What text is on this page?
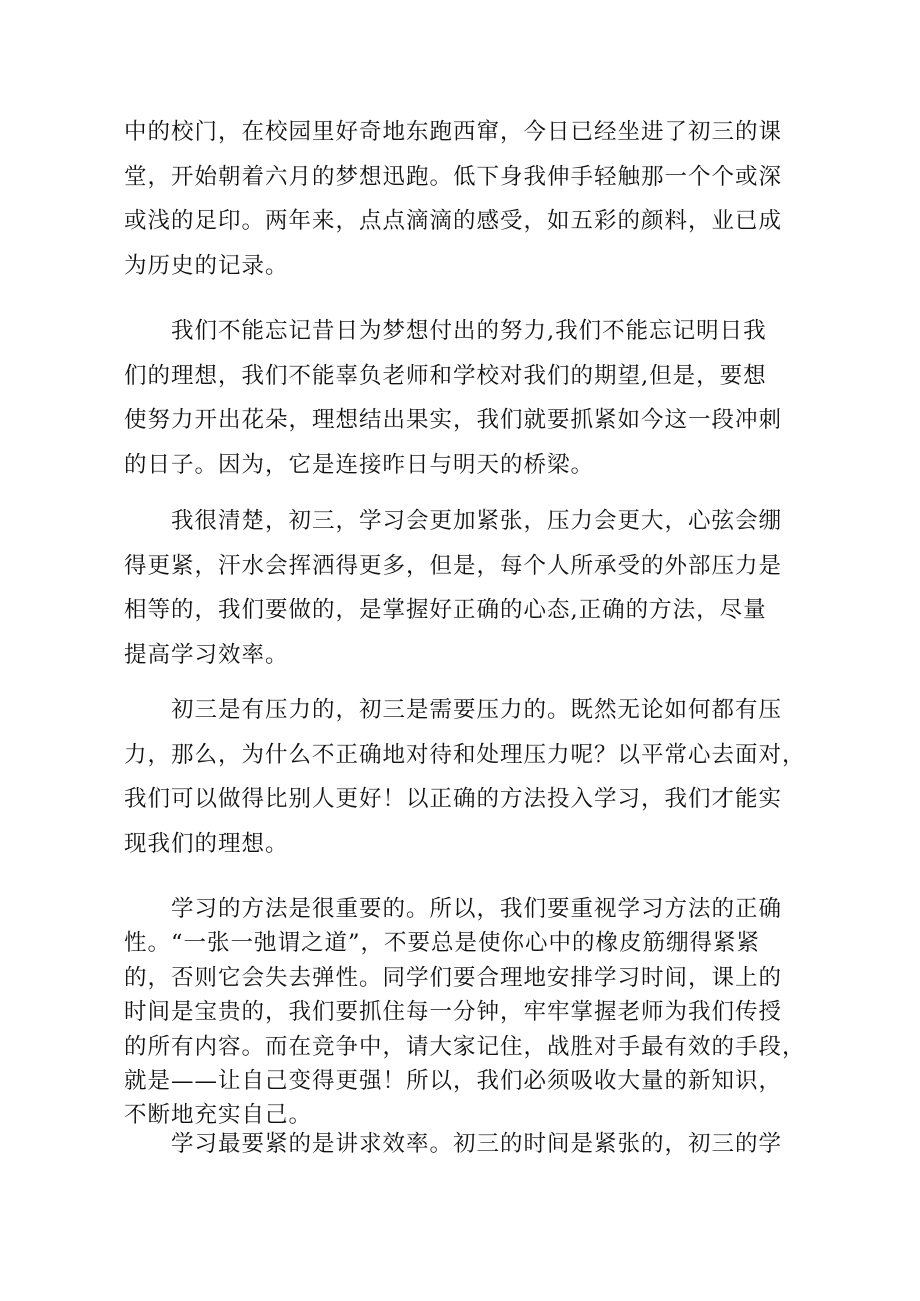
中的校门，在校园里好奇地东跑西窜，今日已经坐进了初三的课
堂，开始朝着六月的梦想迅跑。低下身我伸手轻触那一个个或深
或浅的足印。两年来，点点滴滴的感受，如五彩的颜料，业已成
为历史的记录。

　　我们不能忘记昔日为梦想付出的努力,我们不能忘记明日我
们的理想，我们不能辜负老师和学校对我们的期望,但是，要想
使努力开出花朵，理想结出果实，我们就要抓紧如今这一段冲刺
的日子。因为，它是连接昨日与明天的桥梁。

　　我很清楚，初三，学习会更加紧张，压力会更大，心弦会绷
得更紧，汗水会挥洒得更多，但是，每个人所承受的外部压力是
相等的，我们要做的，是掌握好正确的心态,正确的方法，尽量
提高学习效率。

　　初三是有压力的，初三是需要压力的。既然无论如何都有压
力，那么，为什么不正确地对待和处理压力呢？以平常心去面对，
我们可以做得比别人更好！以正确的方法投入学习，我们才能实
现我们的理想。

　　学习的方法是很重要的。所以，我们要重视学习方法的正确
性。“一张一弛谓之道”，不要总是使你心中的橡皮筋绷得紧紧
的，否则它会失去弹性。同学们要合理地安排学习时间，课上的
时间是宝贵的，我们要抓住每一分钟，牢牢掌握老师为我们传授
的所有内容。而在竞争中，请大家记住，战胜对手最有效的手段，
就是——让自己变得更强！所以，我们必须吸收大量的新知识，
不断地充实自己。

　　学习最要紧的是讲求效率。初三的时间是紧张的，初三的学
